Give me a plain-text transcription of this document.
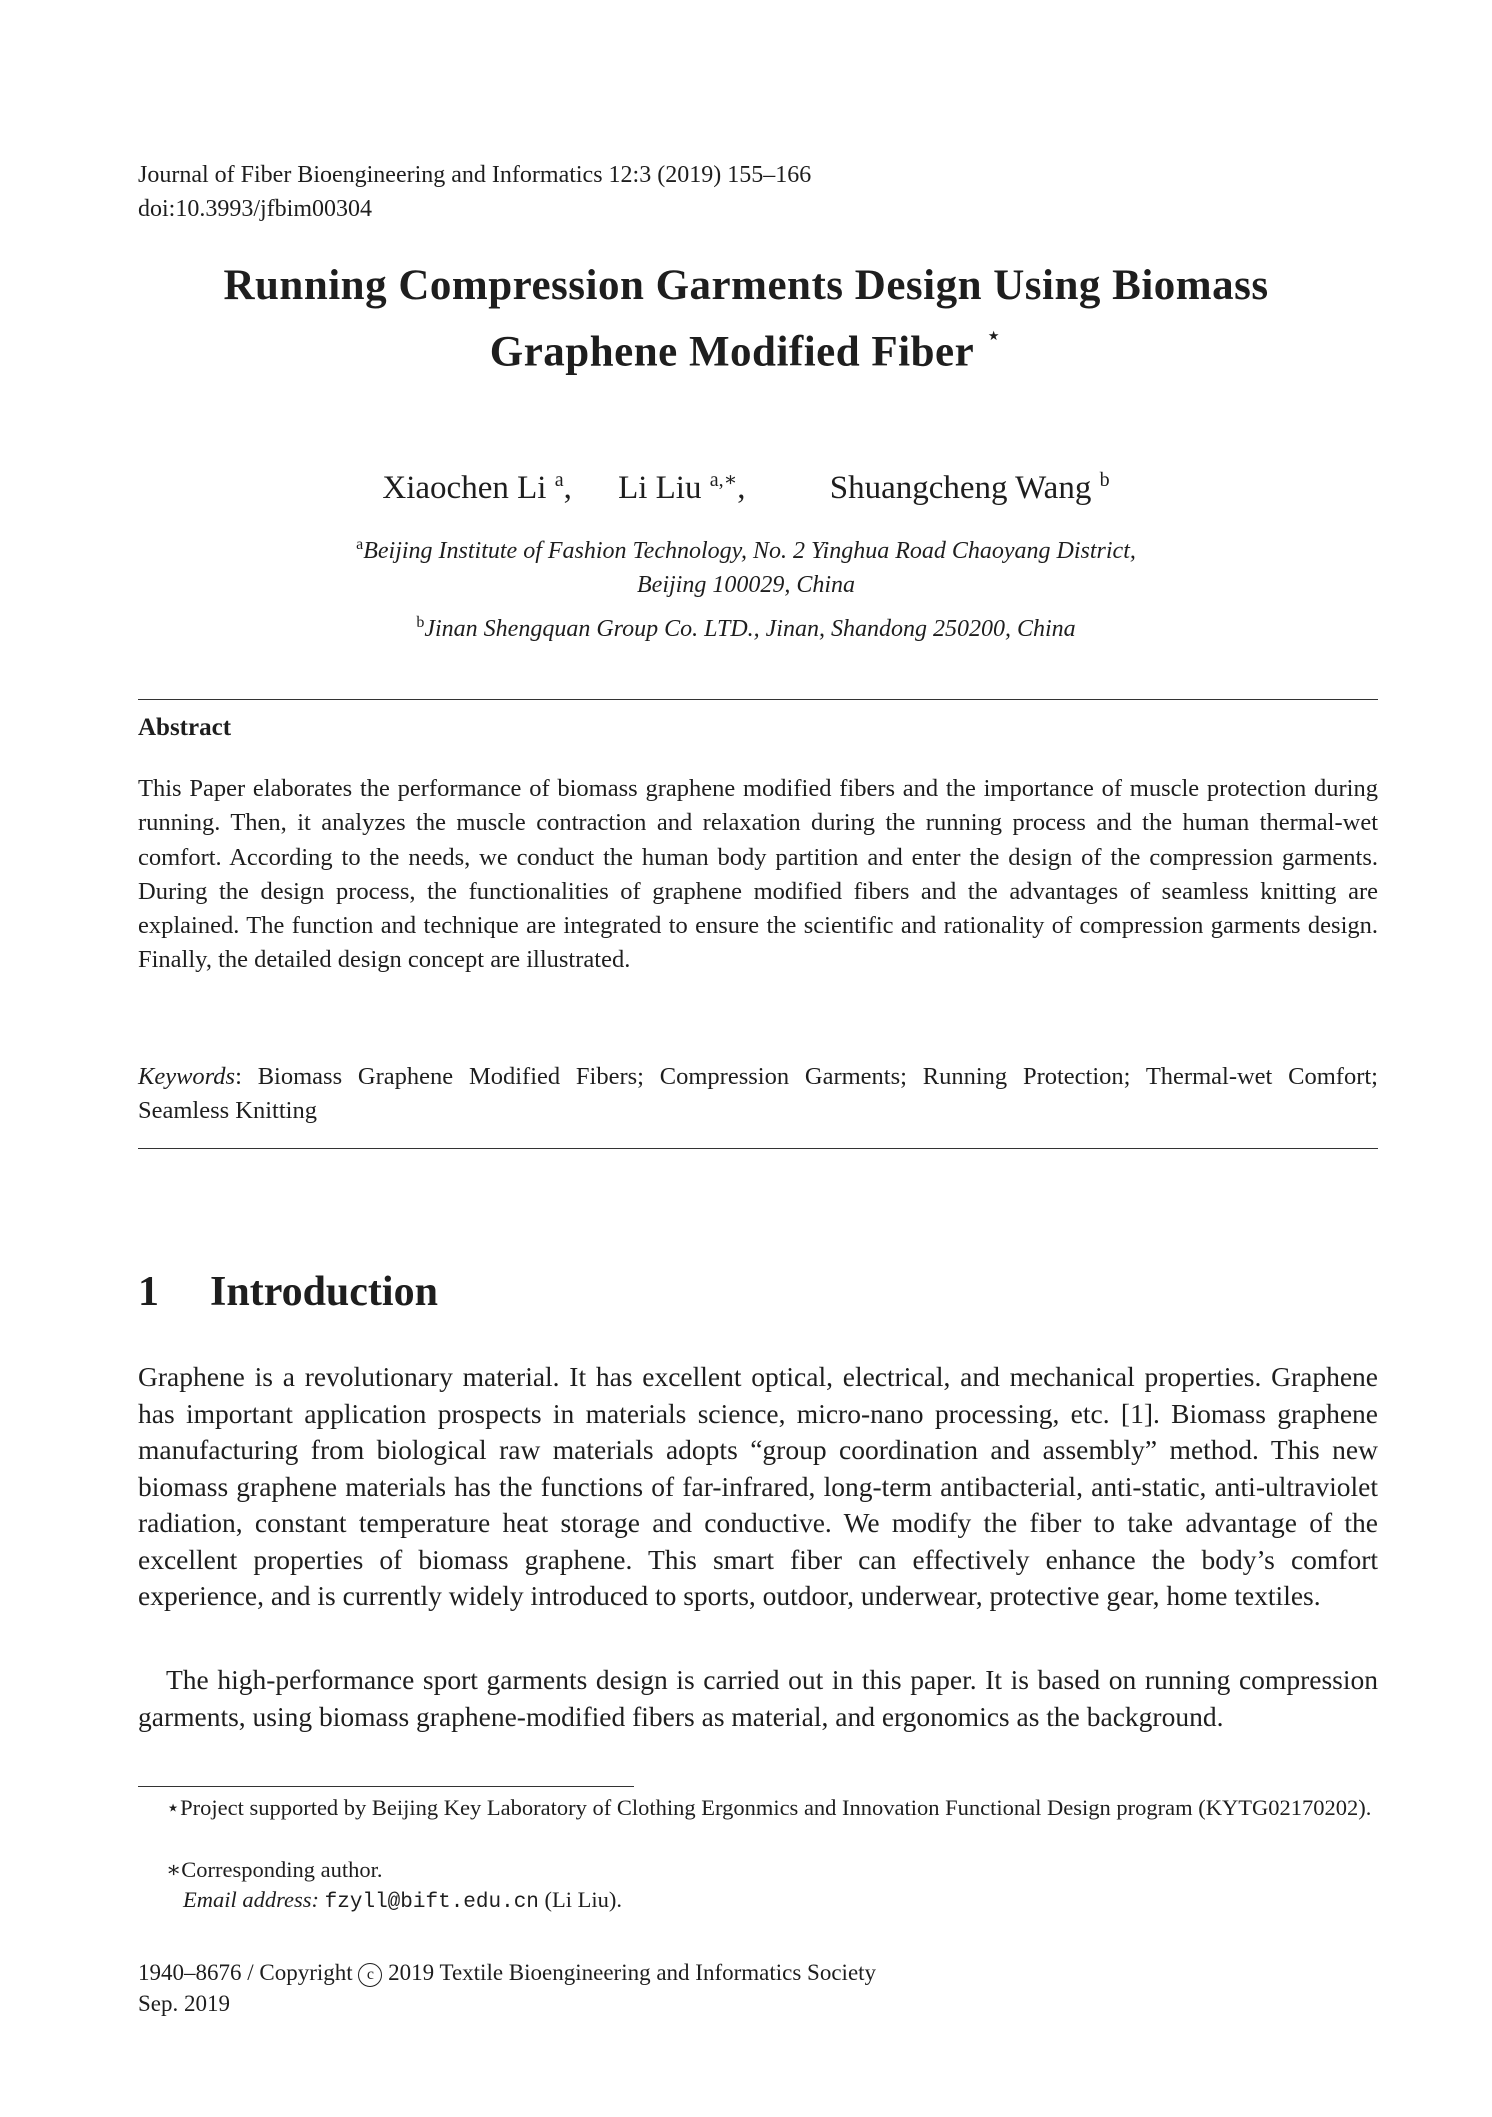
Journal of Fiber Bioengineering and Informatics 12:3 (2019) 155–166
doi:10.3993/jfbim00304
Running Compression Garments Design Using Biomass
Graphene Modified Fiber ⋆
Xiaochen Li $^a$, Li Liu $^{a,∗}$,	Shuangcheng Wang $^b$
$^a$Beijing Institute of Fashion Technology, No. 2 Yinghua Road Chaoyang District,
Beijing 100029, China
$^b$Jinan Shengquan Group Co. LTD., Jinan, Shandong 250200, China
Abstract
This Paper elaborates the performance of biomass graphene modified fibers and the importance of muscle protection during running. Then, it analyzes the muscle contraction and relaxation during the running process and the human thermal-wet comfort. According to the needs, we conduct the human body partition and enter the design of the compression garments. During the design process, the functionalities of graphene modified fibers and the advantages of seamless knitting are explained. The function and technique are integrated to ensure the scientific and rationality of compression garments design. Finally, the detailed design concept are illustrated.
Keywords: Biomass Graphene Modified Fibers; Compression Garments; Running Protection; Thermal-wet Comfort; Seamless Knitting
1 Introduction
Graphene is a revolutionary material. It has excellent optical, electrical, and mechanical properties. Graphene has important application prospects in materials science, micro-nano processing, etc. [1]. Biomass graphene manufacturing from biological raw materials adopts “group coordination and assembly” method. This new biomass graphene materials has the functions of far-infrared, long-term antibacterial, anti-static, anti-ultraviolet radiation, constant temperature heat storage and conductive. We modify the fiber to take advantage of the excellent properties of biomass graphene. This smart fiber can effectively enhance the body’s comfort experience, and is currently widely introduced to sports, outdoor, underwear, protective gear, home textiles.
The high-performance sport garments design is carried out in this paper. It is based on running compression garments, using biomass graphene-modified fibers as material, and ergonomics as the background.
⋆Project supported by Beijing Key Laboratory of Clothing Ergonmics and Innovation Functional Design program (KYTG02170202).
∗Corresponding author.
Email address: fzyll@bift.edu.cn (Li Liu).
1940–8676 / Copyright c 2019 Textile Bioengineering and Informatics Society
Sep. 2019
